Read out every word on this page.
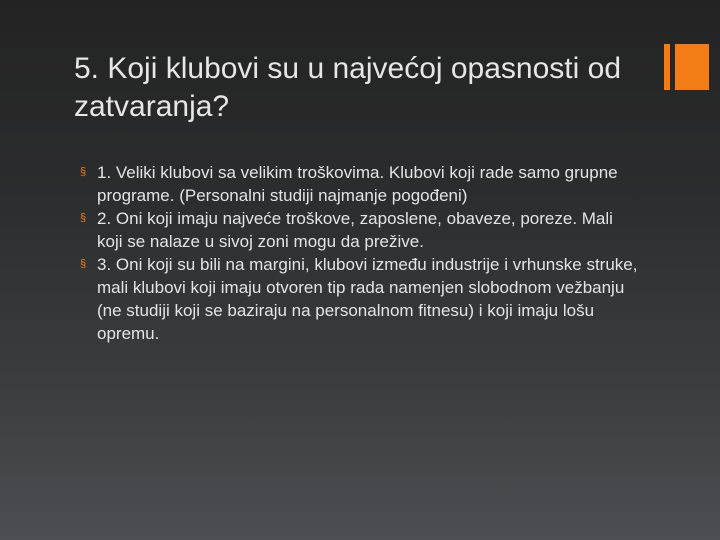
5. Koji klubovi su u najvećoj opasnosti od zatvaranja?
§ 1. Veliki klubovi sa velikim troškovima. Klubovi koji rade samo grupne programe. (Personalni studiji najmanje pogođeni)
§ 2. Oni koji imaju najveće troškove, zaposlene, obaveze, poreze. Mali koji se nalaze u sivoj zoni mogu da prežive.
§ 3. Oni koji su bili na margini, klubovi između industrije i vrhunske struke, mali klubovi koji imaju otvoren tip rada namenjen slobodnom vežbanju (ne studiji koji se baziraju na personalnom fitnesu) i koji imaju lošu opremu.
